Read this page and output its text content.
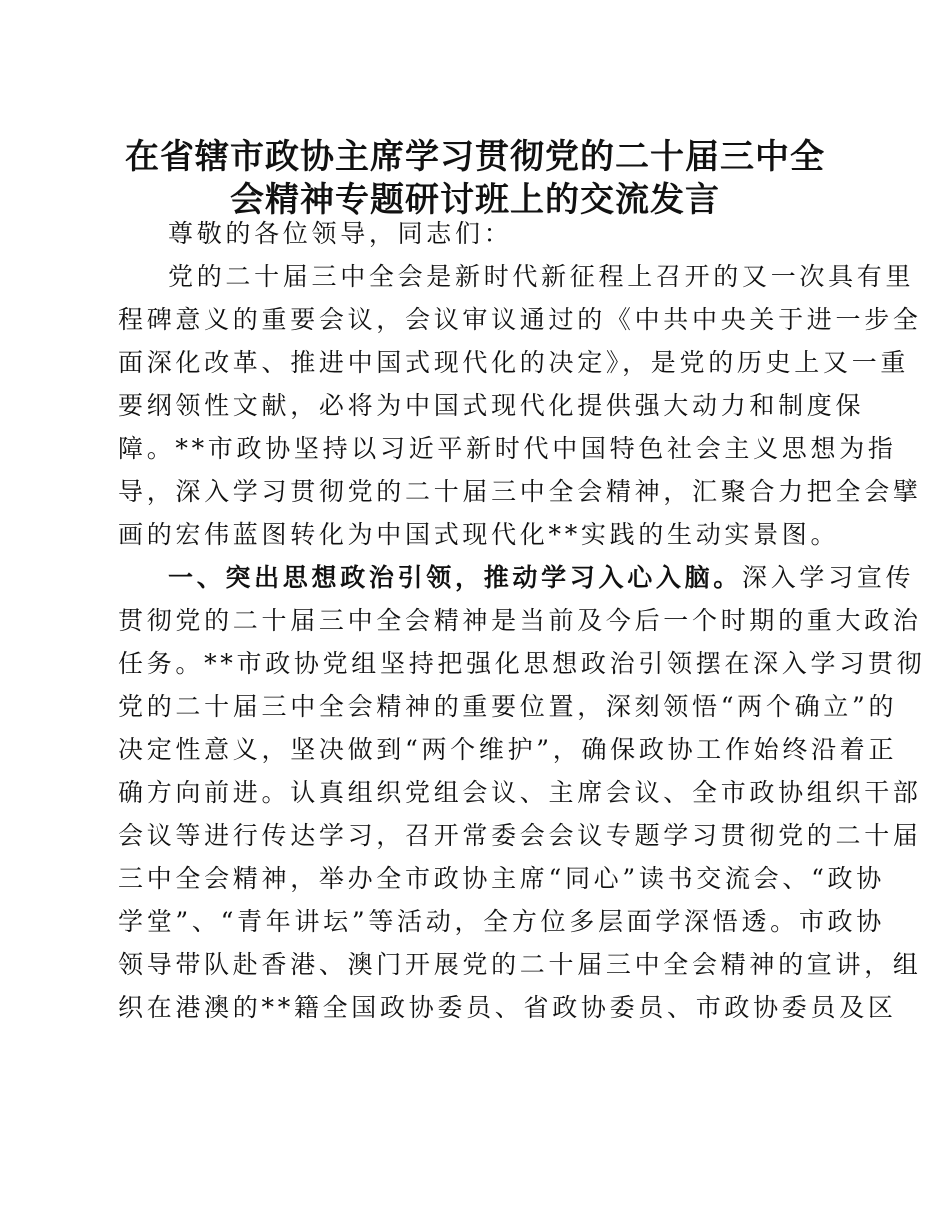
在省辖市政协主席学习贯彻党的二十届三中全
会精神专题研讨班上的交流发言
尊敬的各位领导，同志们：
党的二十届三中全会是新时代新征程上召开的又一次具有里
程碑意义的重要会议，会议审议通过的《中共中央关于进一步全
面深化改革、推进中国式现代化的决定》，是党的历史上又一重
要纲领性文献，必将为中国式现代化提供强大动力和制度保
障。**市政协坚持以习近平新时代中国特色社会主义思想为指
导，深入学习贯彻党的二十届三中全会精神，汇聚合力把全会擘
画的宏伟蓝图转化为中国式现代化**实践的生动实景图。
一、突出思想政治引领，推动学习入心入脑。深入学习宣传
贯彻党的二十届三中全会精神是当前及今后一个时期的重大政治
任务。**市政协党组坚持把强化思想政治引领摆在深入学习贯彻
党的二十届三中全会精神的重要位置，深刻领悟“两个确立”的
决定性意义，坚决做到“两个维护”，确保政协工作始终沿着正
确方向前进。认真组织党组会议、主席会议、全市政协组织干部
会议等进行传达学习，召开常委会会议专题学习贯彻党的二十届
三中全会精神，举办全市政协主席“同心”读书交流会、“政协
学堂”、“青年讲坛”等活动，全方位多层面学深悟透。市政协
领导带队赴香港、澳门开展党的二十届三中全会精神的宣讲，组
织在港澳的**籍全国政协委员、省政协委员、市政协委员及区
